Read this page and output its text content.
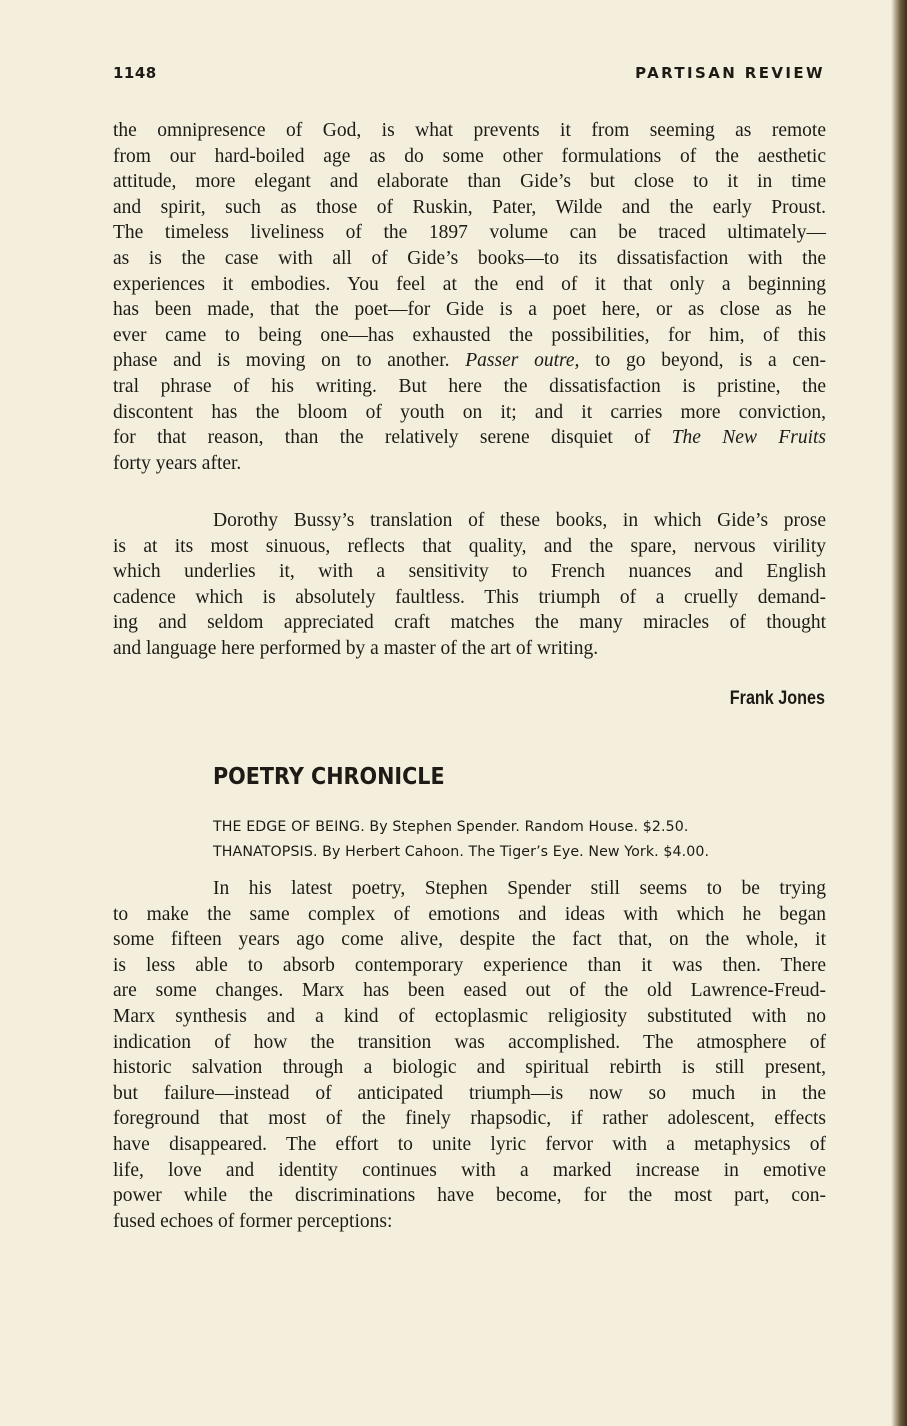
1148	PARTISAN REVIEW
the omnipresence of God, is what prevents it from seeming as remote
from our hard-boiled age as do some other formulations of the aesthetic
attitude, more elegant and elaborate than Gide’s but close to it in time
and spirit, such as those of Ruskin, Pater, Wilde and the early Proust.
The timeless liveliness of the 1897 volume can be traced ultimately—
as is the case with all of Gide’s books—to its dissatisfaction with the
experiences it embodies. You feel at the end of it that only a beginning
has been made, that the poet—for Gide is a poet here, or as close as he
ever came to being one—has exhausted the possibilities, for him, of this
phase and is moving on to another. Passer outre, to go beyond, is a cen-
tral phrase of his writing. But here the dissatisfaction is pristine, the
discontent has the bloom of youth on it; and it carries more conviction,
for that reason, than the relatively serene disquiet of The New Fruits
forty years after.
Dorothy Bussy’s translation of these books, in which Gide’s prose
is at its most sinuous, reflects that quality, and the spare, nervous virility
which underlies it, with a sensitivity to French nuances and English
cadence which is absolutely faultless. This triumph of a cruelly demand-
ing and seldom appreciated craft matches the many miracles of thought
and language here performed by a master of the art of writing.
Frank Jones
POETRY CHRONICLE
THE EDGE OF BEING. By Stephen Spender. Random House. $2.50.
THANATOPSIS. By Herbert Cahoon. The Tiger’s Eye. New York. $4.00.
In his latest poetry, Stephen Spender still seems to be trying
to make the same complex of emotions and ideas with which he began
some fifteen years ago come alive, despite the fact that, on the whole, it
is less able to absorb contemporary experience than it was then. There
are some changes. Marx has been eased out of the old Lawrence-Freud-
Marx synthesis and a kind of ectoplasmic religiosity substituted with no
indication of how the transition was accomplished. The atmosphere of
historic salvation through a biologic and spiritual rebirth is still present,
but failure—instead of anticipated triumph—is now so much in the
foreground that most of the finely rhapsodic, if rather adolescent, effects
have disappeared. The effort to unite lyric fervor with a metaphysics of
life, love and identity continues with a marked increase in emotive
power while the discriminations have become, for the most part, con-
fused echoes of former perceptions:
